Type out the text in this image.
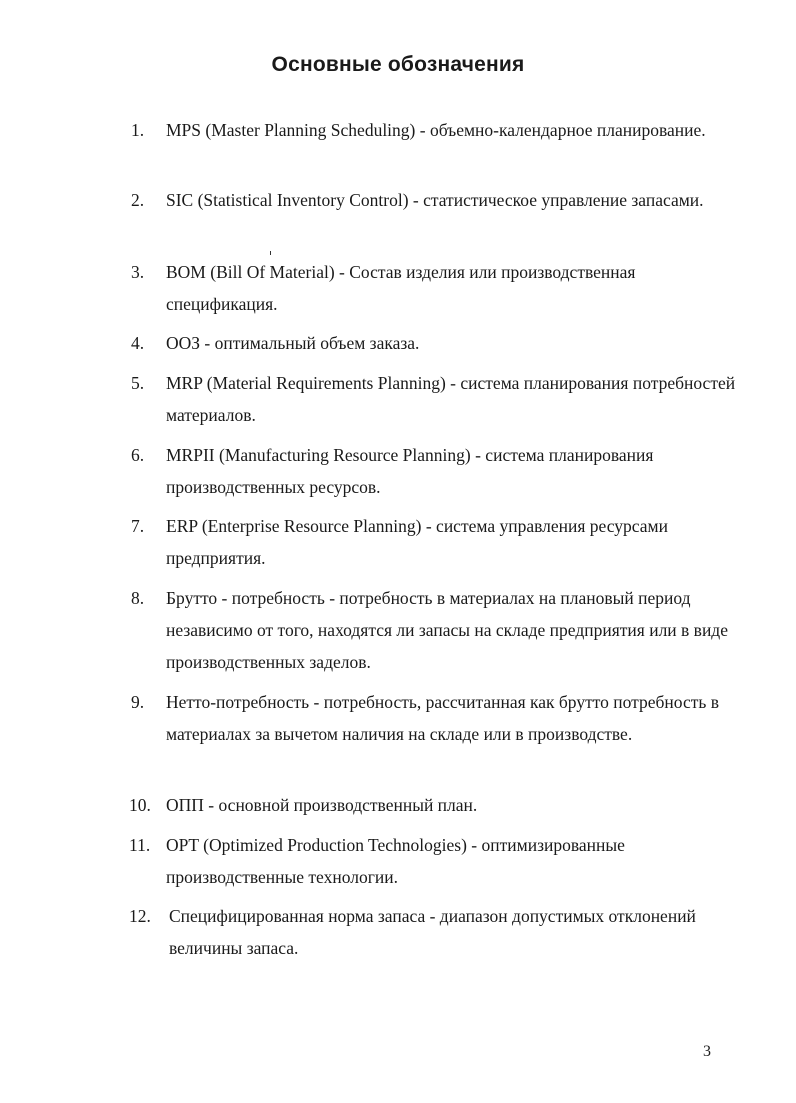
Основные обозначения
1. MPS (Master Planning Scheduling) - объемно-календарное планирование.
2. SIC (Statistical Inventory Control) - статистическое управление запасами.
3. BOM (Bill Of Material) - Состав изделия или производственная спецификация.
4. ООЗ - оптимальный объем заказа.
5. MRP (Material Requirements Planning) - система планирования потребностей материалов.
6. MRPII (Manufacturing Resource Planning) - система планирования производственных ресурсов.
7. ERP (Enterprise Resource Planning) - система управления ресурсами предприятия.
8. Брутто - потребность - потребность в материалах на плановый период независимо от того, находятся ли запасы на складе предприятия или в виде производственных заделов.
9. Нетто-потребность - потребность, рассчитанная как брутто потребность в материалах за вычетом наличия на складе или в производстве.
10. ОПП - основной производственный план.
11. OPT (Optimized Production Technologies) - оптимизированные производственные технологии.
12. Специфицированная норма запаса - диапазон допустимых отклонений величины запаса.
3
